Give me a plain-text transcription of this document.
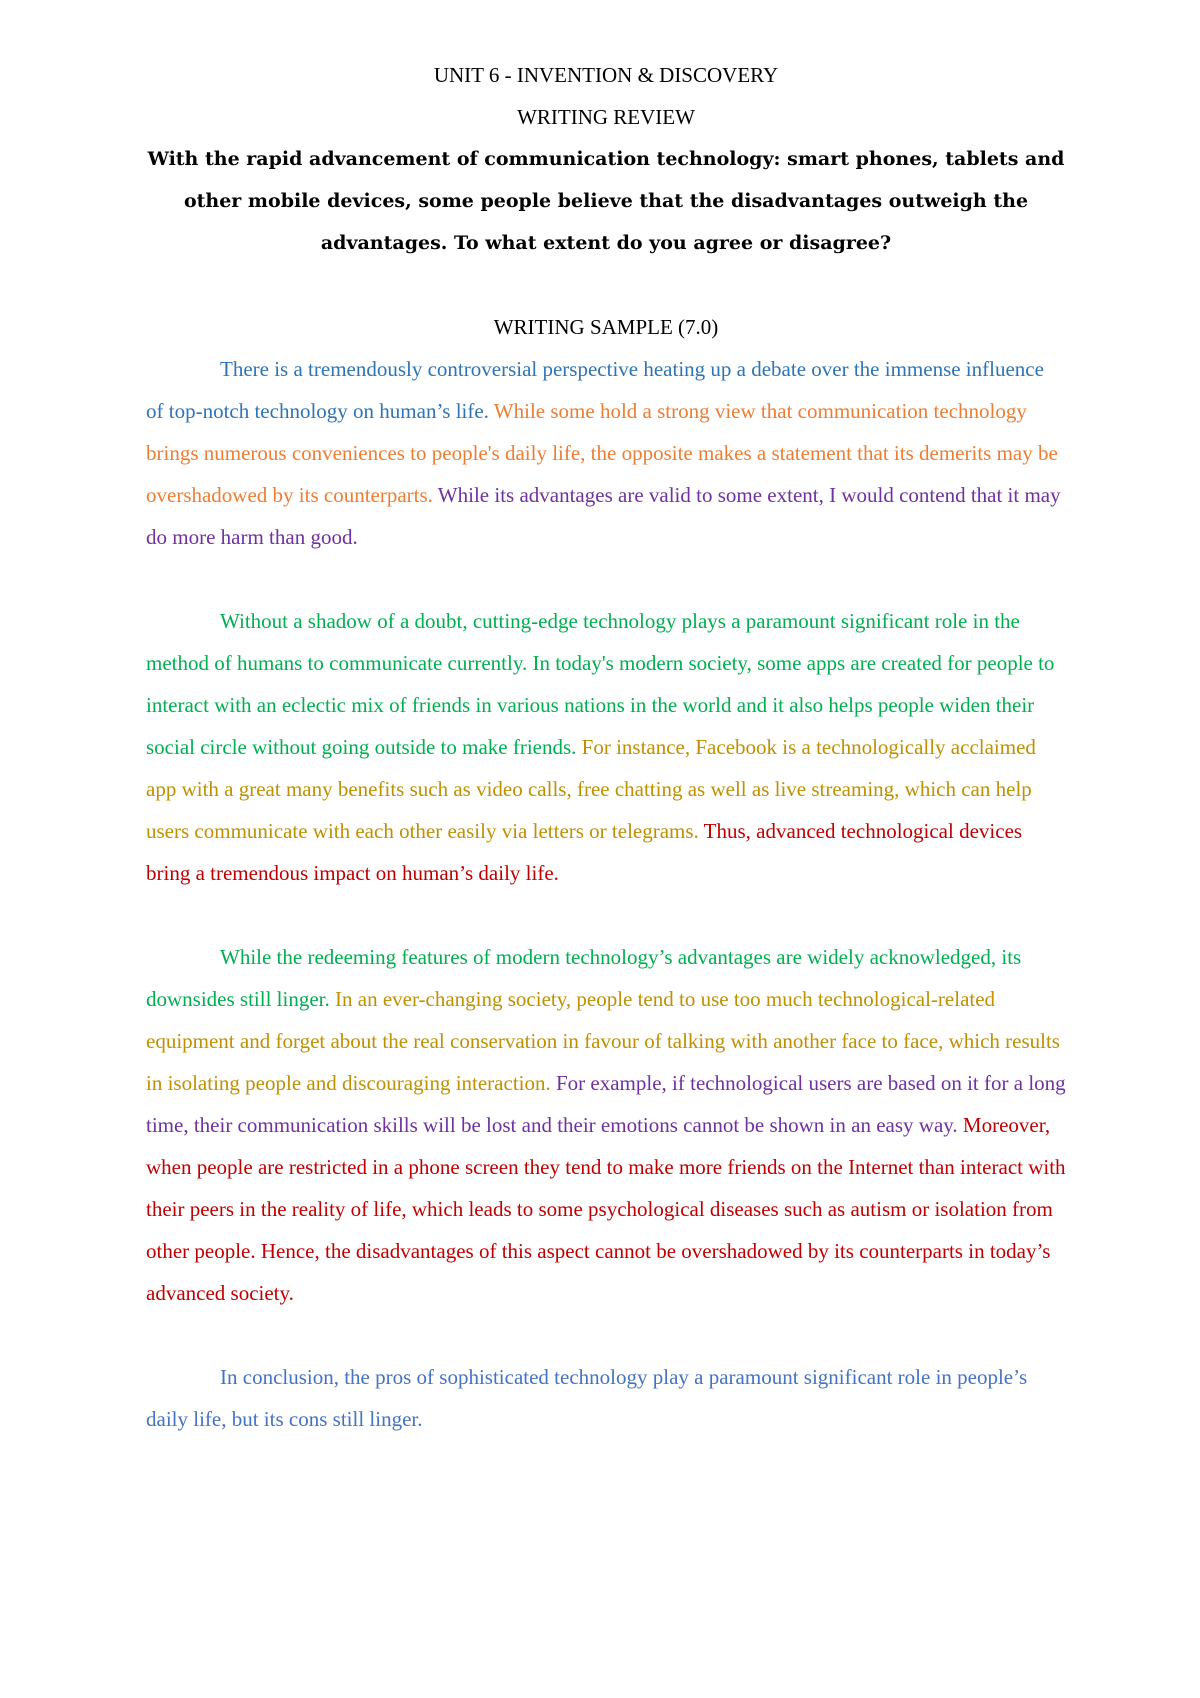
UNIT 6 - INVENTION & DISCOVERY
WRITING REVIEW

With the rapid advancement of communication technology: smart phones, tablets and other mobile devices, some people believe that the disadvantages outweigh the advantages. To what extent do you agree or disagree?

WRITING SAMPLE (7.0)

There is a tremendously controversial perspective heating up a debate over the immense influence of top-notch technology on human’s life. While some hold a strong view that communication technology brings numerous conveniences to people's daily life, the opposite makes a statement that its demerits may be overshadowed by its counterparts. While its advantages are valid to some extent, I would contend that it may do more harm than good.

Without a shadow of a doubt, cutting-edge technology plays a paramount significant role in the method of humans to communicate currently. In today's modern society, some apps are created for people to interact with an eclectic mix of friends in various nations in the world and it also helps people widen their social circle without going outside to make friends. For instance, Facebook is a technologically acclaimed app with a great many benefits such as video calls, free chatting as well as live streaming, which can help users communicate with each other easily via letters or telegrams. Thus, advanced technological devices bring a tremendous impact on human’s daily life.

While the redeeming features of modern technology’s advantages are widely acknowledged, its downsides still linger. In an ever-changing society, people tend to use too much technological-related equipment and forget about the real conservation in favour of talking with another face to face, which results in isolating people and discouraging interaction. For example, if technological users are based on it for a long time, their communication skills will be lost and their emotions cannot be shown in an easy way. Moreover, when people are restricted in a phone screen they tend to make more friends on the Internet than interact with their peers in the reality of life, which leads to some psychological diseases such as autism or isolation from other people. Hence, the disadvantages of this aspect cannot be overshadowed by its counterparts in today’s advanced society.

In conclusion, the pros of sophisticated technology play a paramount significant role in people’s daily life, but its cons still linger.
